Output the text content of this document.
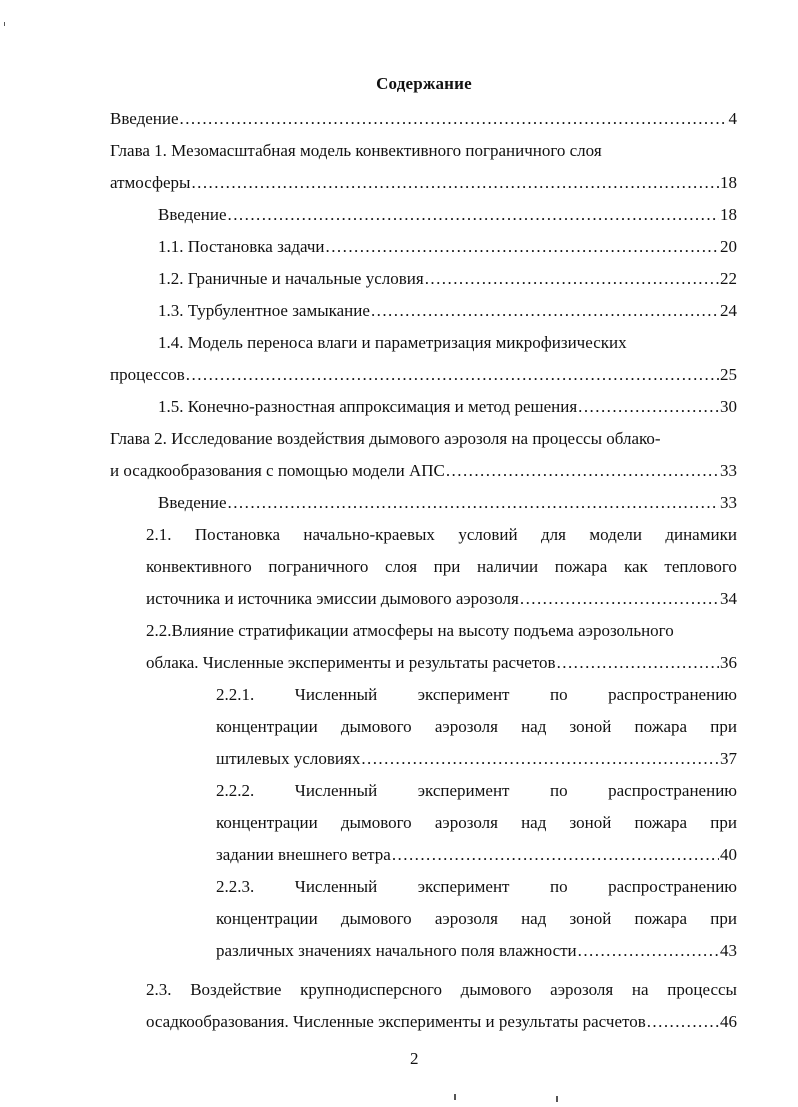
Содержание
Введение . . .	4
Глава 1. Мезомасштабная модель конвективного пограничного слоя
атмосферы . . .	18
Введение . . .	18
1.1. Постановка задачи . . .	20
1.2. Граничные и начальные условия . . .	22
1.3. Турбулентное замыкание . . .	24
1.4. Модель переноса влаги и параметризация микрофизических
процессов . . .	25
1.5. Конечно-разностная аппроксимация и метод решения . . .	30
Глава 2. Исследование воздействия дымового аэрозоля на процессы облако-
и осадкообразования с помощью модели АПС . . .	33
Введение . . .	33
2.1. Постановка начально-краевых условий для модели динамики
конвективного пограничного слоя при наличии пожара как теплового
источника и источника эмиссии дымового аэрозоля . . .	34
2.2.Влияние стратификации атмосферы на высоту подъема аэрозольного
облака. Численные эксперименты и результаты расчетов . . .	36
2.2.1. Численный эксперимент по распространению
концентрации дымового аэрозоля над зоной пожара при
штилевых условиях . . .	37
2.2.2. Численный эксперимент по распространению
концентрации дымового аэрозоля над зоной пожара при
задании внешнего ветра . . .	40
2.2.3. Численный эксперимент по распространению
концентрации дымового аэрозоля над зоной пожара при
различных значениях начального поля влажности . . .	43
2.3. Воздействие крупнодисперсного дымового аэрозоля на процессы
осадкообразования. Численные эксперименты и результаты расчетов . . .	46
2
